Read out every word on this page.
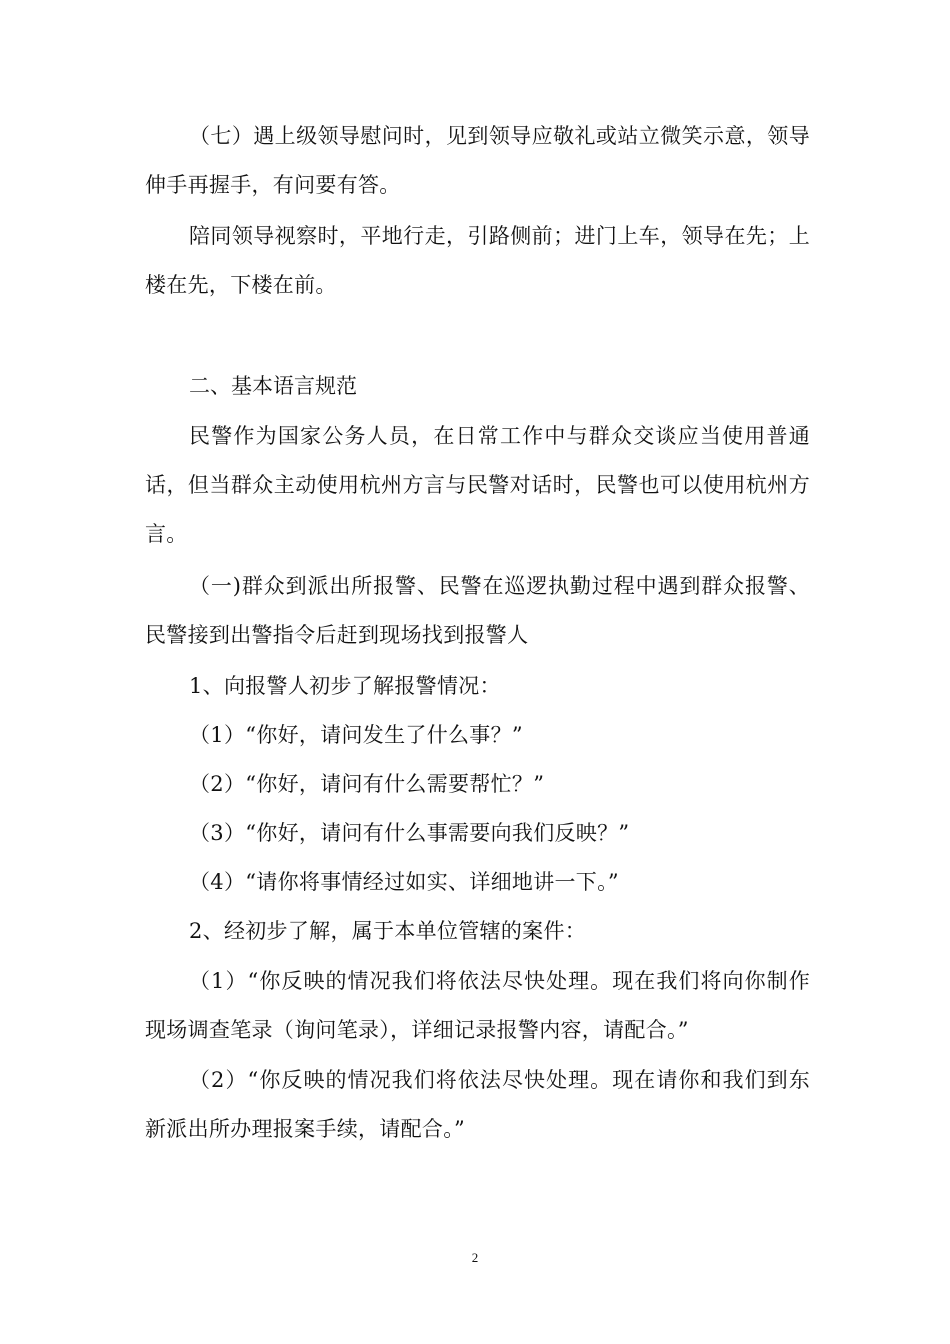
（七）遇上级领导慰问时，见到领导应敬礼或站立微笑示意，领导伸手再握手，有问要有答。

陪同领导视察时，平地行走，引路侧前；进门上车，领导在先；上楼在先，下楼在前。

二、基本语言规范

民警作为国家公务人员，在日常工作中与群众交谈应当使用普通话，但当群众主动使用杭州方言与民警对话时，民警也可以使用杭州方言。

（一)群众到派出所报警、民警在巡逻执勤过程中遇到群众报警、民警接到出警指令后赶到现场找到报警人

1、向报警人初步了解报警情况：

（1）“你好，请问发生了什么事？”

（2）“你好，请问有什么需要帮忙？”

（3）“你好，请问有什么事需要向我们反映？”

（4）“请你将事情经过如实、详细地讲一下。”

2、经初步了解，属于本单位管辖的案件：

（1）“你反映的情况我们将依法尽快处理。现在我们将向你制作现场调查笔录（询问笔录），详细记录报警内容，请配合。”

（2）“你反映的情况我们将依法尽快处理。现在请你和我们到东新派出所办理报案手续，请配合。”

2
